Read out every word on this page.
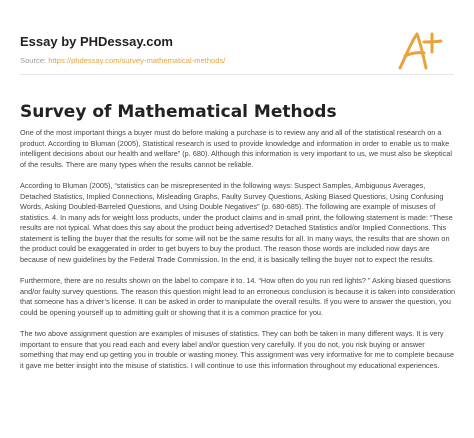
Essay by PHDessay.com

Source: https://phdessay.com/survey-mathematical-methods/

Survey of Mathematical Methods

One of the most important things a buyer must do before making a purchase is to review any and all of the statistical research on a product. According to Bluman (2005), Statistical research is used to provide knowledge and information in order to enable us to make intelligent decisions about our health and welfare” (p. 680). Although this information is very important to us, we must also be skeptical of the results. There are many types when the results cannot be reliable.

According to Bluman (2005), “statistics can be misrepresented in the following ways: Suspect Samples, Ambiguous Averages, Detached Statistics, Implied Connections, Misleading Graphs, Faulty Survey Questions, Asking Biased Questions, Using Confusing Words, Asking Doubled-Barreled Questions, and Using Double Negatives” (p. 680-685). The following are example of misuses of statistics. 4. In many ads for weight loss products, under the product claims and in small print, the following statement is made: “These results are not typical. What does this say about the product being advertised? Detached Statistics and/or Implied Connections. This statement is telling the buyer that the results for some will not be the same results for all. In many ways, the results that are shown on the product could be exaggerated in order to get buyers to buy the product. The reason those words are included now days are because of new guidelines by the Federal Trade Commission. In the end, it is basically telling the buyer not to expect the results.

Furthermore, there are no results shown on the label to compare it to. 14. “How often do you run red lights? ” Asking biased questions and/or faulty survey questions. The reason this question might lead to an erroneous conclusion is because it is taken into consideration that someone has a driver’s license. It can be asked in order to manipulate the overall results. If you were to answer the question, you could be opening yourself up to admitting guilt or showing that it is a common practice for you.

The two above assignment question are examples of misuses of statistics. They can both be taken in many different ways. It is very important to ensure that you read each and every label and/or question very carefully. If you do not, you risk buying or answer something that may end up getting you in trouble or wasting money. This assignment was very informative for me to complete because it gave me better insight into the misuse of statistics. I will continue to use this information throughout my educational experiences.
